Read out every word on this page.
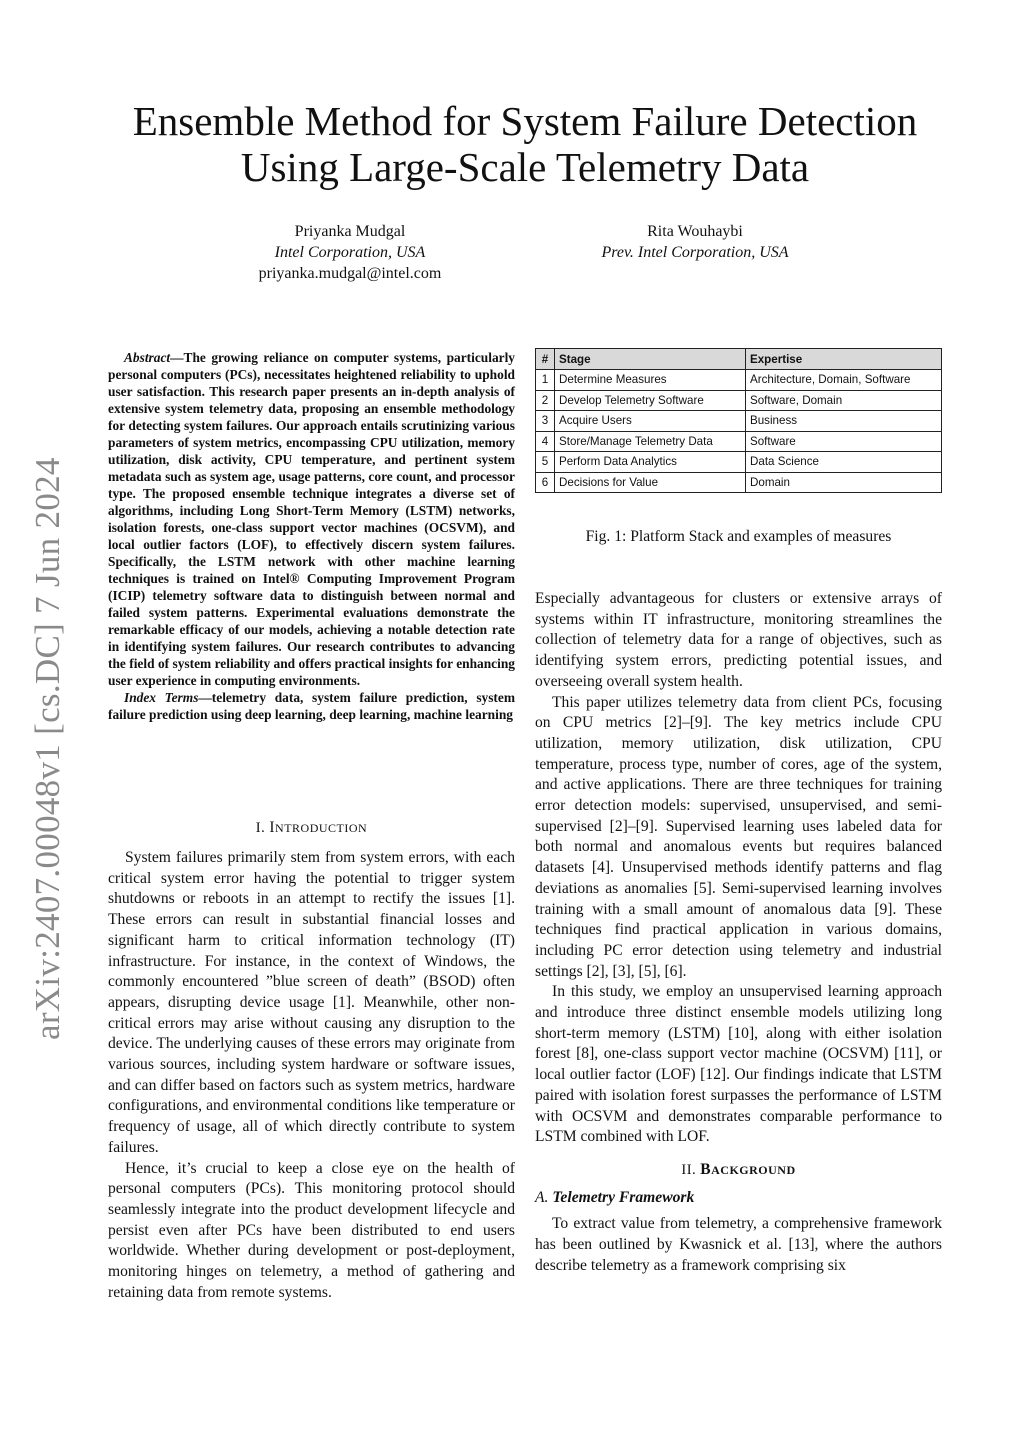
Ensemble Method for System Failure Detection
Using Large-Scale Telemetry Data
Priyanka Mudgal
Intel Corporation, USA
priyanka.mudgal@intel.com
Rita Wouhaybi
Prev. Intel Corporation, USA
arXiv:2407.00048v1 [cs.DC] 7 Jun 2024

Abstract—The growing reliance on computer systems, particularly personal computers (PCs), necessitates heightened reliability to uphold user satisfaction. This research paper presents an in-depth analysis of extensive system telemetry data, proposing an ensemble methodology for detecting system failures. Our approach entails scrutinizing various parameters of system metrics, encompassing CPU utilization, memory utilization, disk activity, CPU temperature, and pertinent system metadata such as system age, usage patterns, core count, and processor type. The proposed ensemble technique integrates a diverse set of algorithms, including Long Short-Term Memory (LSTM) networks, isolation forests, one-class support vector machines (OCSVM), and local outlier factors (LOF), to effectively discern system failures. Specifically, the LSTM network with other machine learning techniques is trained on Intel® Computing Improvement Program (ICIP) telemetry software data to distinguish between normal and failed system patterns. Experimental evaluations demonstrate the remarkable efficacy of our models, achieving a notable detection rate in identifying system failures. Our research contributes to advancing the field of system reliability and offers practical insights for enhancing user experience in computing environments.

Index Terms—telemetry data, system failure prediction, system failure prediction using deep learning, deep learning, machine learning

I. INTRODUCTION

System failures primarily stem from system errors, with each critical system error having the potential to trigger system shutdowns or reboots in an attempt to rectify the issues [1]. These errors can result in substantial financial losses and significant harm to critical information technology (IT) infrastructure. For instance, in the context of Windows, the commonly encountered ”blue screen of death” (BSOD) often appears, disrupting device usage [1]. Meanwhile, other non-critical errors may arise without causing any disruption to the device. The underlying causes of these errors may originate from various sources, including system hardware or software issues, and can differ based on factors such as system metrics, hardware configurations, and environmental conditions like temperature or frequency of usage, all of which directly contribute to system failures.

Hence, it’s crucial to keep a close eye on the health of personal computers (PCs). This monitoring protocol should seamlessly integrate into the product development lifecycle and persist even after PCs have been distributed to end users worldwide. Whether during development or post-deployment, monitoring hinges on telemetry, a method of gathering and retaining data from remote systems.

#	Stage	Expertise
1	Determine Measures	Architecture, Domain, Software
2	Develop Telemetry Software	Software, Domain
3	Acquire Users	Business
4	Store/Manage Telemetry Data	Software
5	Perform Data Analytics	Data Science
6	Decisions for Value	Domain
Fig. 1: Platform Stack and examples of measures

Especially advantageous for clusters or extensive arrays of systems within IT infrastructure, monitoring streamlines the collection of telemetry data for a range of objectives, such as identifying system errors, predicting potential issues, and overseeing overall system health.

This paper utilizes telemetry data from client PCs, focusing on CPU metrics [2]–[9]. The key metrics include CPU utilization, memory utilization, disk utilization, CPU temperature, process type, number of cores, age of the system, and active applications. There are three techniques for training error detection models: supervised, unsupervised, and semi-supervised [2]–[9]. Supervised learning uses labeled data for both normal and anomalous events but requires balanced datasets [4]. Unsupervised methods identify patterns and flag deviations as anomalies [5]. Semi-supervised learning involves training with a small amount of anomalous data [9]. These techniques find practical application in various domains, including PC error detection using telemetry and industrial settings [2], [3], [5], [6].

In this study, we employ an unsupervised learning approach and introduce three distinct ensemble models utilizing long short-term memory (LSTM) [10], along with either isolation forest [8], one-class support vector machine (OCSVM) [11], or local outlier factor (LOF) [12]. Our findings indicate that LSTM paired with isolation forest surpasses the performance of LSTM with OCSVM and demonstrates comparable performance to LSTM combined with LOF.

II. BACKGROUND
A. Telemetry Framework

To extract value from telemetry, a comprehensive framework has been outlined by Kwasnick et al. [13], where the authors describe telemetry as a framework comprising six
